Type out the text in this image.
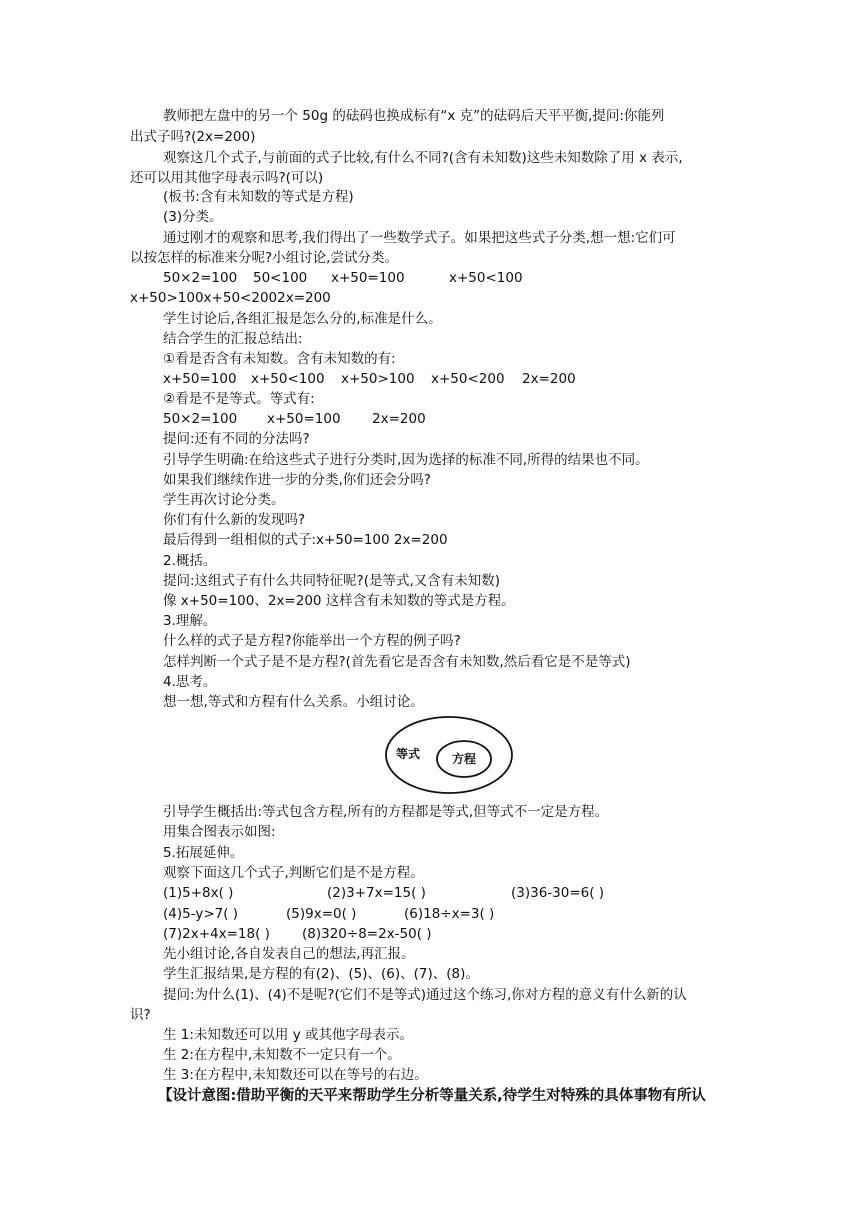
教师把左盘中的另一个 50g 的砝码也换成标有“x 克”的砝码后天平平衡,提问:你能列
出式子吗?(2x=200)
观察这几个式子,与前面的式子比较,有什么不同?(含有未知数)这些未知数除了用 x 表示,
还可以用其他字母表示吗?(可以)
(板书:含有未知数的等式是方程)
(3)分类。
通过刚才的观察和思考,我们得出了一些数学式子。如果把这些式子分类,想一想:它们可
以按怎样的标准来分呢?小组讨论,尝试分类。
50×2=100 50<100 x+50=100	x+50<100
x+50>100x+50<2002x=200
学生讨论后,各组汇报是怎么分的,标准是什么。
结合学生的汇报总结出:
①看是否含有未知数。含有未知数的有:
x+50=100 x+50<100 x+50>100 x+50<200 2x=200
②看是不是等式。等式有:
50×2=100 x+50=100 2x=200
提问:还有不同的分法吗?
引导学生明确:在给这些式子进行分类时,因为选择的标准不同,所得的结果也不同。
如果我们继续作进一步的分类,你们还会分吗?
学生再次讨论分类。
你们有什么新的发现吗?
最后得到一组相似的式子:x+50=100 2x=200
2.概括。
提问:这组式子有什么共同特征呢?(是等式,又含有未知数)
像 x+50=100、2x=200 这样含有未知数的等式是方程。
3.理解。
什么样的式子是方程?你能举出一个方程的例子吗?
怎样判断一个式子是不是方程?(首先看它是否含有未知数,然后看它是不是等式)
4.思考。
想一想,等式和方程有什么关系。小组讨论。
等式	方程
引导学生概括出:等式包含方程,所有的方程都是等式,但等式不一定是方程。
用集合图表示如图:
5.拓展延伸。
观察下面这几个式子,判断它们是不是方程。
(1)5+8x( )	(2)3+7x=15( )	(3)36-30=6( )
(4)5-y>7( )	(5)9x=0( )	(6)18÷x=3( )
(7)2x+4x=18( ) (8)320÷8=2x-50( )
先小组讨论,各自发表自己的想法,再汇报。
学生汇报结果,是方程的有(2)、(5)、(6)、(7)、(8)。
提问:为什么(1)、(4)不是呢?(它们不是等式)通过这个练习,你对方程的意义有什么新的认
识?
生 1:未知数还可以用 y 或其他字母表示。
生 2:在方程中,未知数不一定只有一个。
生 3:在方程中,未知数还可以在等号的右边。
【设计意图:借助平衡的天平来帮助学生分析等量关系,待学生对特殊的具体事物有所认
